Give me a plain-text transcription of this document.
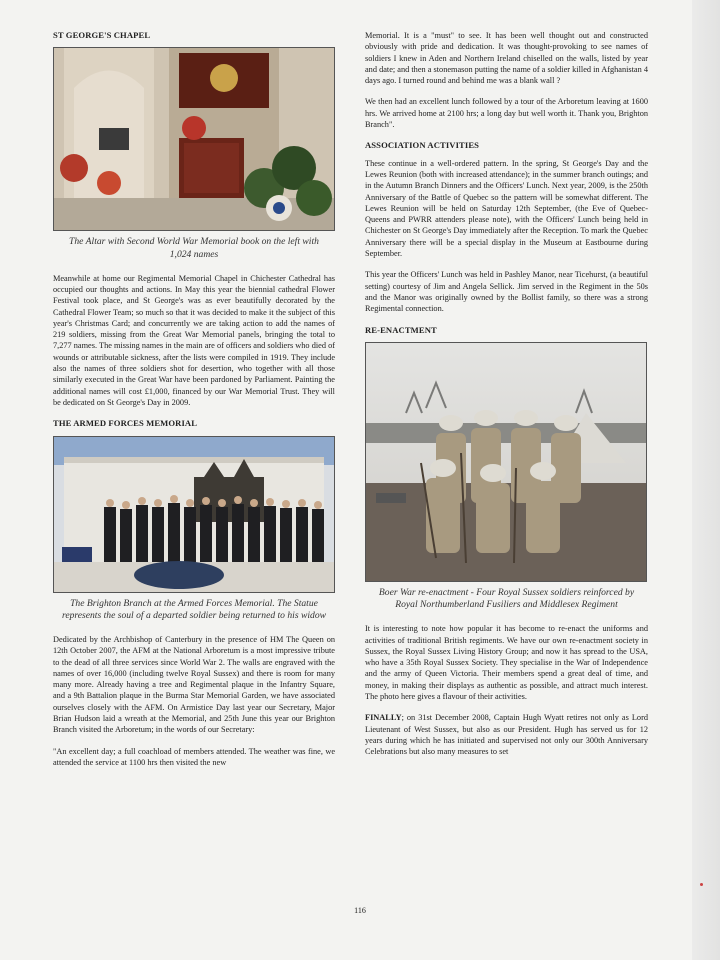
ST GEORGE'S CHAPEL
The Altar with Second World War Memorial book on the left with 1,024 names

Meanwhile at home our Regimental Memorial Chapel in Chichester Cathedral has occupied our thoughts and actions. In May this year the biennial cathedral Flower Festival took place, and St George's was as ever beautifully decorated by the Cathedral Flower Team; so much so that it was decided to make it the subject of this year's Christmas Card; and concurrently we are taking action to add the names of 219 soldiers, missing from the Great War Memorial panels, bringing the total to 7,277 names. The missing names in the main are of officers and soldiers who died of wounds or attributable sickness, after the lists were compiled in 1919. They include also the names of three soldiers shot for desertion, who together with all those similarly executed in the Great War have been pardoned by Parliament. Painting the additional names will cost £1,000, financed by our War Memorial Trust. They will be dedicated on St George's Day in 2009.

THE ARMED FORCES MEMORIAL
The Brighton Branch at the Armed Forces Memorial. The Statue represents the soul of a departed soldier being returned to his widow

Dedicated by the Archbishop of Canterbury in the presence of HM The Queen on 12th October 2007, the AFM at the National Arboretum is a most impressive tribute to the dead of all three services since World War 2. The walls are engraved with the names of over 16,000 (including twelve Royal Sussex) and there is room for many many more. Already having a tree and Regimental plaque in the Infantry Square, and a 9th Battalion plaque in the Burma Star Memorial Garden, we have associated ourselves closely with the AFM. On Armistice Day last year our Secretary, Major Brian Hudson laid a wreath at the Memorial, and 25th June this year our Brighton Branch visited the Arboretum; in the words of our Secretary:

"An excellent day; a full coachload of members attended. The weather was fine, we attended the service at 1100 hrs then visited the new

Memorial. It is a "must" to see. It has been well thought out and constructed obviously with pride and dedication. It was thought-provoking to see names of soldiers I knew in Aden and Northern Ireland chiselled on the walls, listed by year and date; and then a stonemason putting the name of a soldier killed in Afghanistan 4 days ago. I turned round and behind me was a blank wall ?

We then had an excellent lunch followed by a tour of the Arboretum leaving at 1600 hrs. We arrived home at 2100 hrs; a long day but well worth it. Thank you, Brighton Branch".

ASSOCIATION ACTIVITIES

These continue in a well-ordered pattern. In the spring, St George's Day and the Lewes Reunion (both with increased attendance); in the summer branch outings; and in the Autumn Branch Dinners and the Officers' Lunch. Next year, 2009, is the 250th Anniversary of the Battle of Quebec so the pattern will be somewhat different. The Lewes Reunion will be held on Saturday 12th September, (the Eve of Quebec-Queens and PWRR attenders please note), with the Officers' Lunch being held in Chichester on St George's Day immediately after the Reception. To mark the Quebec Anniversary there will be a special display in the Museum at Eastbourne during September.

This year the Officers' Lunch was held in Pashley Manor, near Ticehurst, (a beautiful setting) courtesy of Jim and Angela Sellick. Jim served in the Regiment in the 50s and the Manor was originally owned by the Bollist family, so there was a strong Regimental connection.

RE-ENACTMENT
Boer War re-enactment - Four Royal Sussex soldiers reinforced by Royal Northumberland Fusiliers and Middlesex Regiment

It is interesting to note how popular it has become to re-enact the uniforms and activities of traditional British regiments. We have our own re-enactment society in Sussex, the Royal Sussex Living History Group; and now it has spread to the USA, who have a 35th Royal Sussex Society. They specialise in the War of Independence and the army of Queen Victoria. Their members spend a great deal of time, and money, in making their displays as authentic as possible, and attract much interest. The photo here gives a flavour of their activities.

FINALLY; on 31st December 2008, Captain Hugh Wyatt retires not only as Lord Lieutenant of West Sussex, but also as our President. Hugh has served us for 12 years during which he has initiated and supervised not only our 300th Anniversary Celebrations but also many measures to set

116
